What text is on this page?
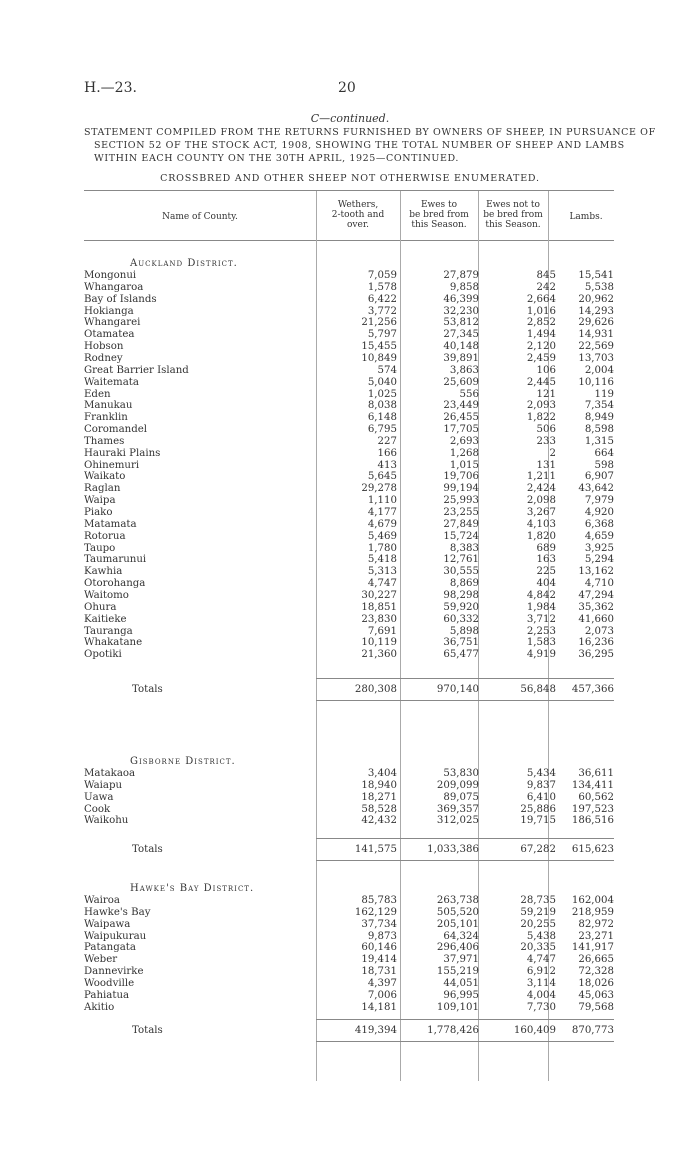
H.—23.	20
C—continued.
STATEMENT COMPILED FROM THE RETURNS FURNISHED BY OWNERS OF SHEEP, IN PURSUANCE OF
SECTION 52 OF THE STOCK ACT, 1908, SHOWING THE TOTAL NUMBER OF SHEEP AND LAMBS
WITHIN EACH COUNTY ON THE 30TH APRIL, 1925—CONTINUED.
CROSSBRED AND OTHER SHEEP NOT OTHERWISE ENUMERATED.
Name of County.
Wethers,
2-tooth and
over.
Ewes to
be bred from
this Season.
Ewes not to
be bred from
this Season.
Lambs.
Auckland District.
Mongonui	7,059	27,879	845	15,541
Whangaroa	1,578	9,858	242	5,538
Bay of Islands	6,422	46,399	2,664	20,962
Hokianga	3,772	32,230	1,016	14,293
Whangarei	21,256	53,812	2,852	29,626
Otamatea	5,797	27,345	1,494	14,931
Hobson	15,455	40,148	2,120	22,569
Rodney	10,849	39,891	2,459	13,703
Great Barrier Island	574	3,863	106	2,004
Waitemata	5,040	25,609	2,445	10,116
Eden	1,025	556	121	119
Manukau	8,038	23,449	2,093	7,354
Franklin	6,148	26,455	1,822	8,949
Coromandel	6,795	17,705	506	8,598
Thames	227	2,693	233	1,315
Hauraki Plains	166	1,268	2	664
Ohinemuri	413	1,015	131	598
Waikato	5,645	19,706	1,211	6,907
Raglan	29,278	99,194	2,424	43,642
Waipa	1,110	25,993	2,098	7,979
Piako	4,177	23,255	3,267	4,920
Matamata	4,679	27,849	4,103	6,368
Rotorua	5,469	15,724	1,820	4,659
Taupo	1,780	8,383	689	3,925
Taumarunui	5,418	12,761	163	5,294
Kawhia	5,313	30,555	225	13,162
Otorohanga	4,747	8,869	404	4,710
Waitomo	30,227	98,298	4,842	47,294
Ohura	18,851	59,920	1,984	35,362
Kaitieke	23,830	60,332	3,712	41,660
Tauranga	7,691	5,898	2,253	2,073
Whakatane	10,119	36,751	1,583	16,236
Opotiki	21,360	65,477	4,919	36,295
Totals	280,308	970,140	56,848	457,366
Gisborne District.
Matakaoa	3,404	53,830	5,434	36,611
Waiapu	18,940	209,099	9,837	134,411
Uawa	18,271	89,075	6,410	60,562
Cook	58,528	369,357	25,886	197,523
Waikohu	42,432	312,025	19,715	186,516
Totals	141,575	1,033,386	67,282	615,623
Hawke's Bay District.
Wairoa	85,783	263,738	28,735	162,004
Hawke's Bay	162,129	505,520	59,219	218,959
Waipawa	37,734	205,101	20,255	82,972
Waipukurau	9,873	64,324	5,438	23,271
Patangata	60,146	296,406	20,335	141,917
Weber	19,414	37,971	4,747	26,665
Dannevirke	18,731	155,219	6,912	72,328
Woodville	4,397	44,051	3,114	18,026
Pahiatua	7,006	96,995	4,004	45,063
Akitio	14,181	109,101	7,730	79,568
Totals	419,394	1,778,426	160,409	870,773
